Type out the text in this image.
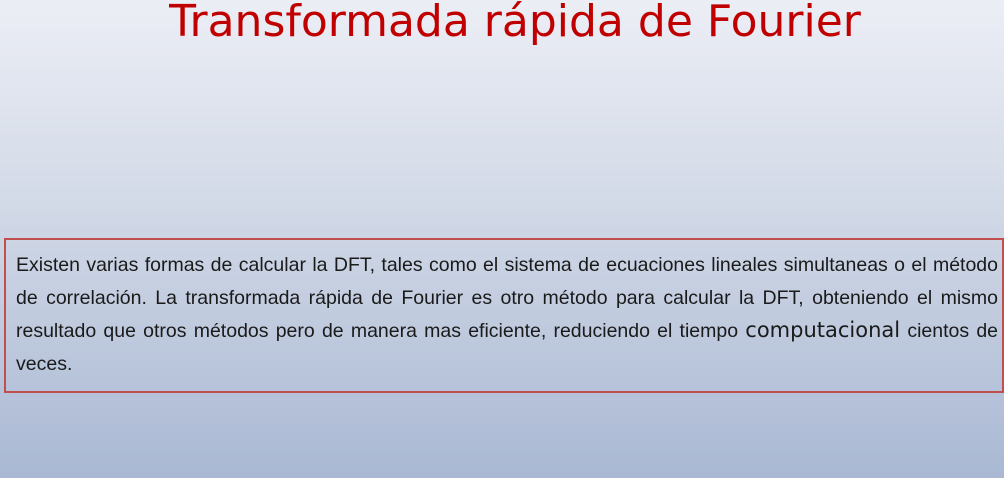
Transformada rápida de Fourier

Existen varias formas de calcular la DFT, tales como el sistema de ecuaciones lineales simultaneas o el método de correlación. La transformada rápida de Fourier es otro método para calcular la DFT, obteniendo el mismo resultado que otros métodos pero de manera mas eficiente, reduciendo el tiempo computacional cientos de veces.
